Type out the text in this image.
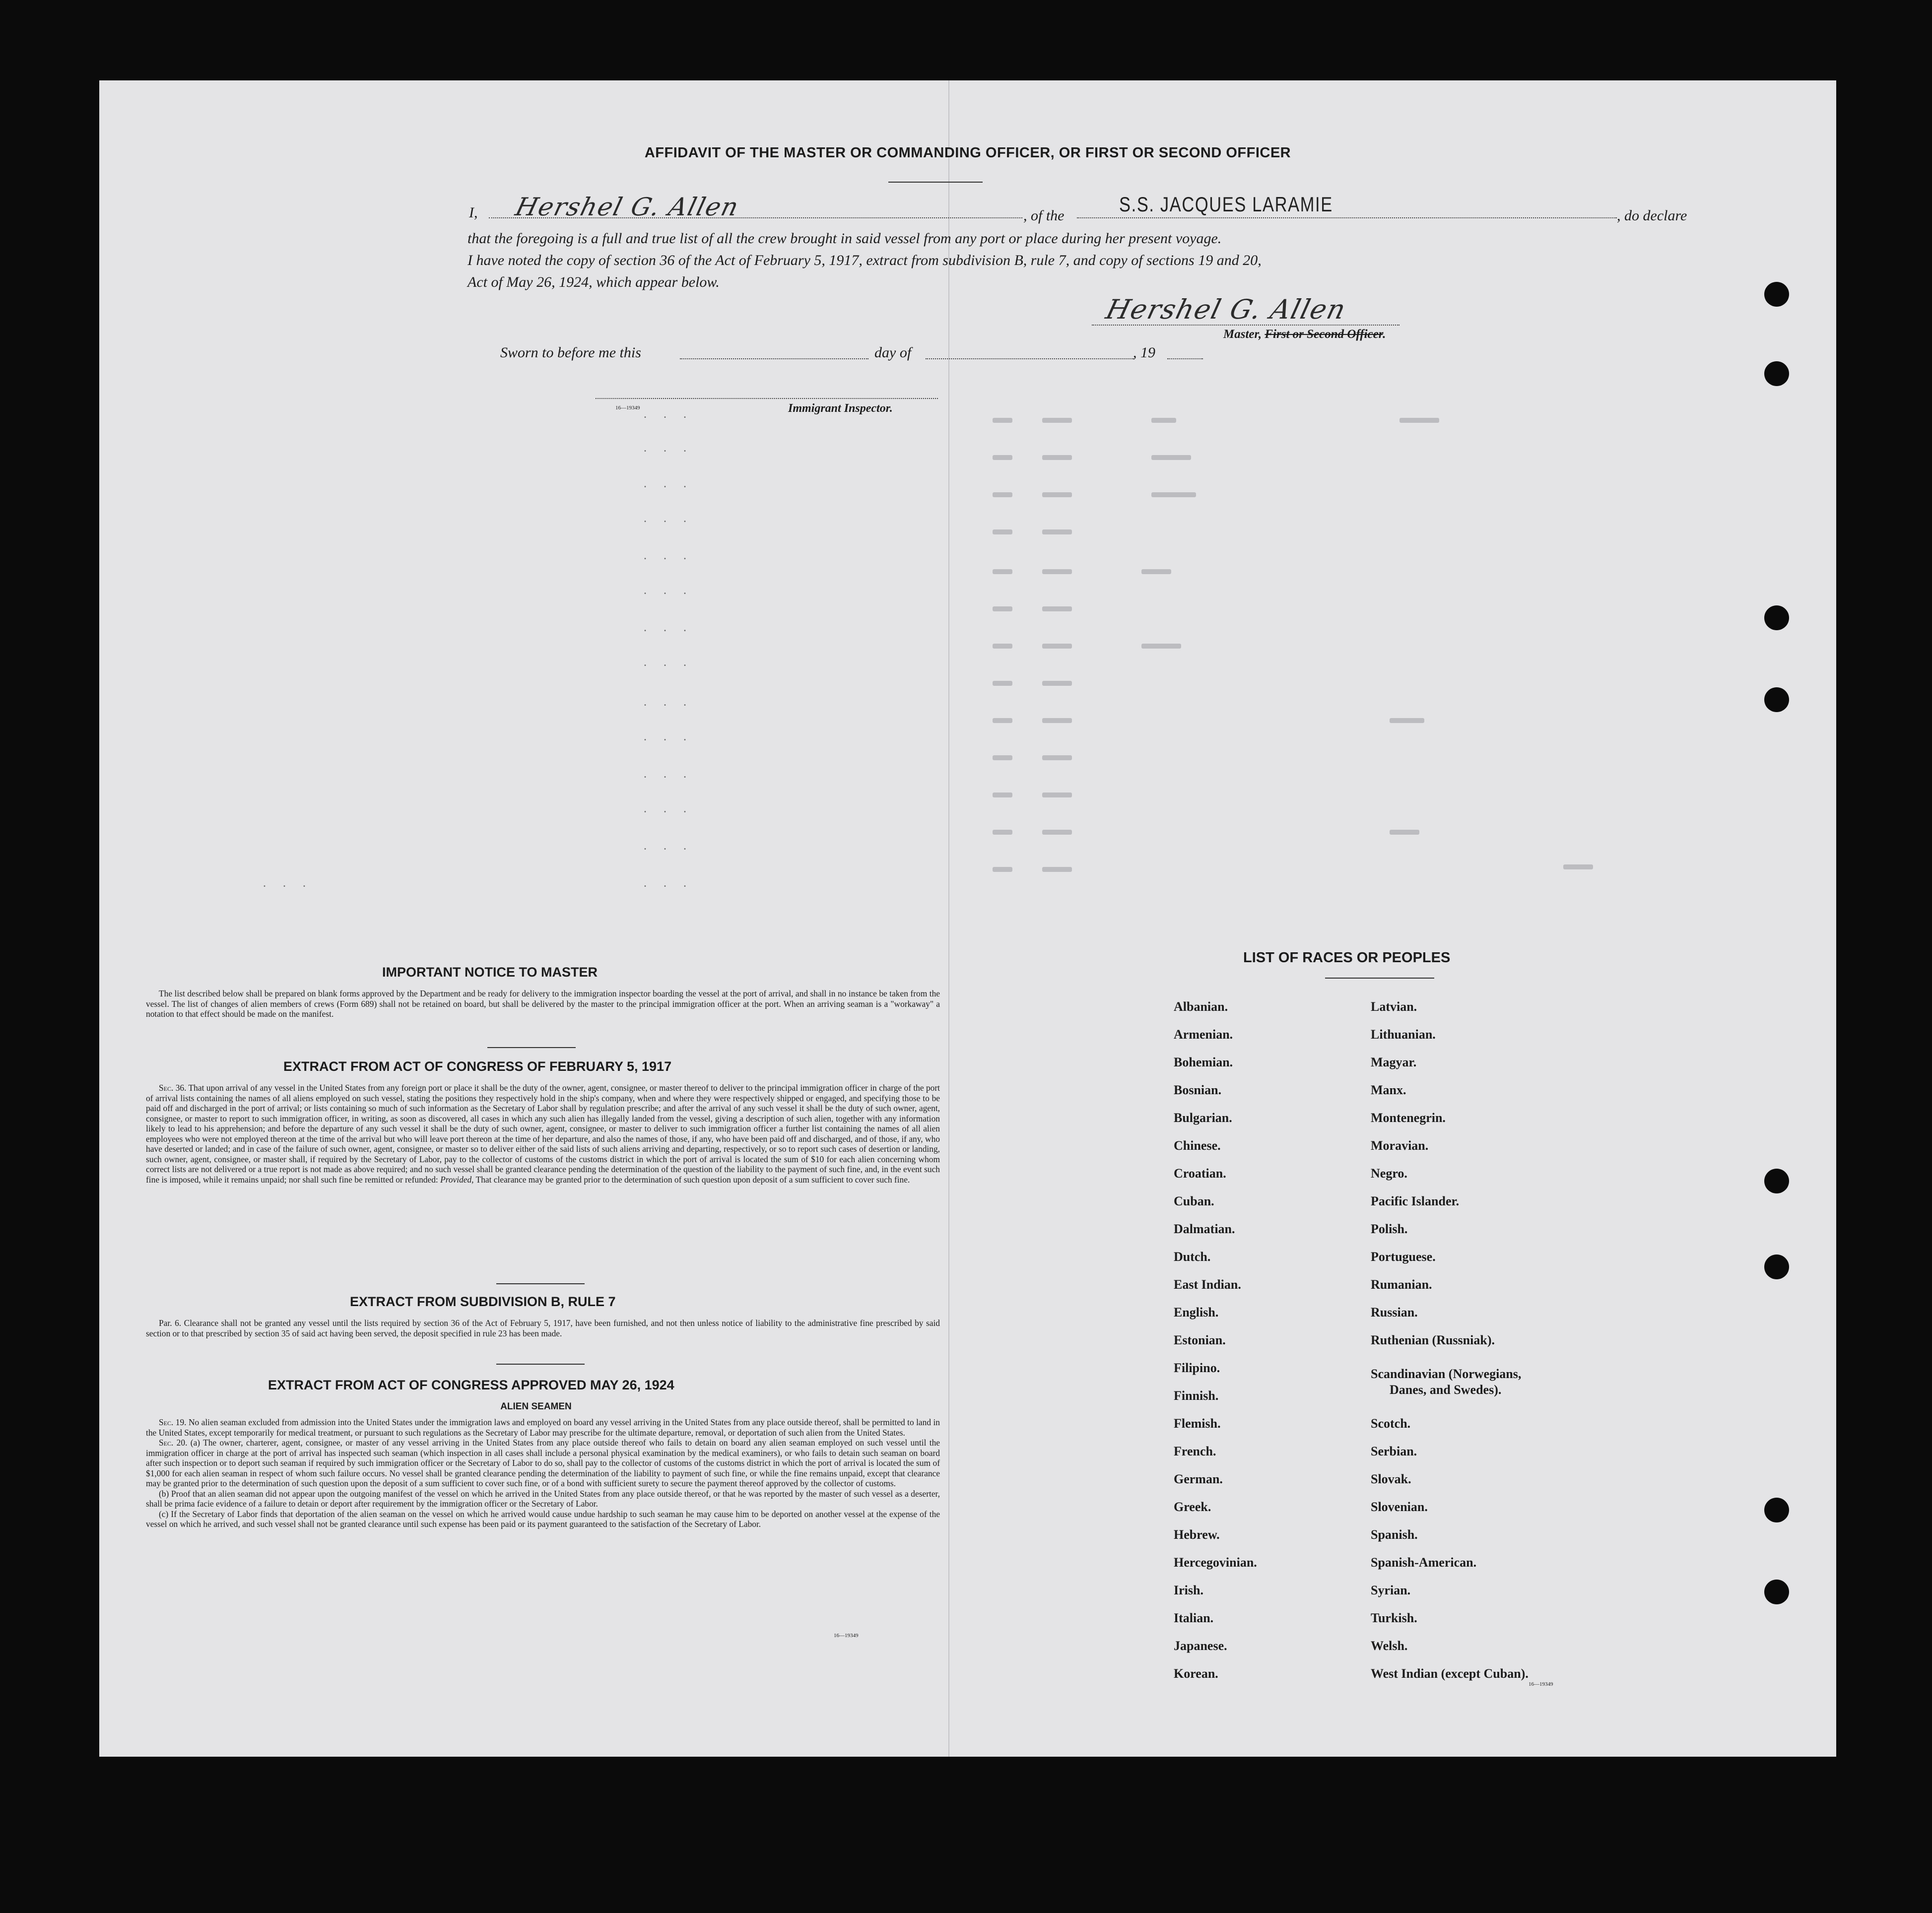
AFFIDAVIT OF THE MASTER OR COMMANDING OFFICER, OR FIRST OR SECOND OFFICER
I, Hershel G. Allen	, of the	S.S. JACQUES LARAMIE	, do declare
that the foregoing is a full and true list of all the crew brought in said vessel from any port or place during her present voyage.
I have noted the copy of section 36 of the Act of February 5, 1917, extract from subdivision B, rule 7, and copy of sections 19 and 20,
Act of May 26, 1924, which appear below.
Hershel G. Allen
Master, First or Second Officer.
Sworn to before me this	day of	, 19
16—19349	Immigrant Inspector.
. . .
. . .
. . .
. . .
. . .
. . .
. . .
. . .
. . .
. . .
. . .
. . .
. . .
. . .
. . .
IMPORTANT NOTICE TO MASTER

The list described below shall be prepared on blank forms approved by the Department and be ready for delivery to the immigration inspector boarding the vessel at the port of arrival, and shall in no instance be taken from the vessel. The list of changes of alien members of crews (Form 689) shall not be retained on board, but shall be delivered by the master to the principal immigration officer at the port. When an arriving seaman is a "workaway" a notation to that effect should be made on the manifest.

EXTRACT FROM ACT OF CONGRESS OF FEBRUARY 5, 1917

Sec. 36. That upon arrival of any vessel in the United States from any foreign port or place it shall be the duty of the owner, agent, consignee, or master thereof to deliver to the principal immigration officer in charge of the port of arrival lists containing the names of all aliens employed on such vessel, stating the positions they respectively hold in the ship's company, when and where they were respectively shipped or engaged, and specifying those to be paid off and discharged in the port of arrival; or lists containing so much of such information as the Secretary of Labor shall by regulation prescribe; and after the arrival of any such vessel it shall be the duty of such owner, agent, consignee, or master to report to such immigration officer, in writing, as soon as discovered, all cases in which any such alien has illegally landed from the vessel, giving a description of such alien, together with any information likely to lead to his apprehension; and before the departure of any such vessel it shall be the duty of such owner, agent, consignee, or master to deliver to such immigration officer a further list containing the names of all alien employees who were not employed thereon at the time of the arrival but who will leave port thereon at the time of her departure, and also the names of those, if any, who have been paid off and discharged, and of those, if any, who have deserted or landed; and in case of the failure of such owner, agent, consignee, or master so to deliver either of the said lists of such aliens arriving and departing, respectively, or so to report such cases of desertion or landing, such owner, agent, consignee, or master shall, if required by the Secretary of Labor, pay to the collector of customs of the customs district in which the port of arrival is located the sum of $10 for each alien concerning whom correct lists are not delivered or a true report is not made as above required; and no such vessel shall be granted clearance pending the determination of the question of the liability to the payment of such fine, and, in the event such fine is imposed, while it remains unpaid; nor shall such fine be remitted or refunded: Provided, That clearance may be granted prior to the determination of such question upon deposit of a sum sufficient to cover such fine.

EXTRACT FROM SUBDIVISION B, RULE 7

Par. 6. Clearance shall not be granted any vessel until the lists required by section 36 of the Act of February 5, 1917, have been furnished, and not then unless notice of liability to the administrative fine prescribed by said section or to that prescribed by section 35 of said act having been served, the deposit specified in rule 23 has been made.

EXTRACT FROM ACT OF CONGRESS APPROVED MAY 26, 1924
ALIEN SEAMEN

Sec. 19. No alien seaman excluded from admission into the United States under the immigration laws and employed on board any vessel arriving in the United States from any place outside thereof, shall be permitted to land in the United States, except temporarily for medical treatment, or pursuant to such regulations as the Secretary of Labor may prescribe for the ultimate departure, removal, or deportation of such alien from the United States.

Sec. 20. (a) The owner, charterer, agent, consignee, or master of any vessel arriving in the United States from any place outside thereof who fails to detain on board any alien seaman employed on such vessel until the immigration officer in charge at the port of arrival has inspected such seaman (which inspection in all cases shall include a personal physical examination by the medical examiners), or who fails to detain such seaman on board after such inspection or to deport such seaman if required by such immigration officer or the Secretary of Labor to do so, shall pay to the collector of customs of the customs district in which the port of arrival is located the sum of $1,000 for each alien seaman in respect of whom such failure occurs. No vessel shall be granted clearance pending the determination of the liability to payment of such fine, or while the fine remains unpaid, except that clearance may be granted prior to the determination of such question upon the deposit of a sum sufficient to cover such fine, or of a bond with sufficient surety to secure the payment thereof approved by the collector of customs.

(b) Proof that an alien seaman did not appear upon the outgoing manifest of the vessel on which he arrived in the United States from any place outside thereof, or that he was reported by the master of such vessel as a deserter, shall be prima facie evidence of a failure to detain or deport after requirement by the immigration officer or the Secretary of Labor.

(c) If the Secretary of Labor finds that deportation of the alien seaman on the vessel on which he arrived would cause undue hardship to such seaman he may cause him to be deported on another vessel at the expense of the vessel on which he arrived, and such vessel shall not be granted clearance until such expense has been paid or its payment guaranteed to the satisfaction of the Secretary of Labor.

16—19349
LIST OF RACES OR PEOPLES
Albanian.
Armenian.
Bohemian.
Bosnian.
Bulgarian.
Chinese.
Croatian.
Cuban.
Dalmatian.
Dutch.
East Indian.
English.
Estonian.
Filipino.
Finnish.
Flemish.
French.
German.
Greek.
Hebrew.
Hercegovinian.
Irish.
Italian.
Japanese.
Korean.
Latvian.
Lithuanian.
Magyar.
Manx.
Montenegrin.
Moravian.
Negro.
Pacific Islander.
Polish.
Portuguese.
Rumanian.
Russian.
Ruthenian (Russniak).
Scandinavian (Norwegians,
Danes, and Swedes).
Scotch.
Serbian.
Slovak.
Slovenian.
Spanish.
Spanish-American.
Syrian.
Turkish.
Welsh.
West Indian (except Cuban).
16—19349
